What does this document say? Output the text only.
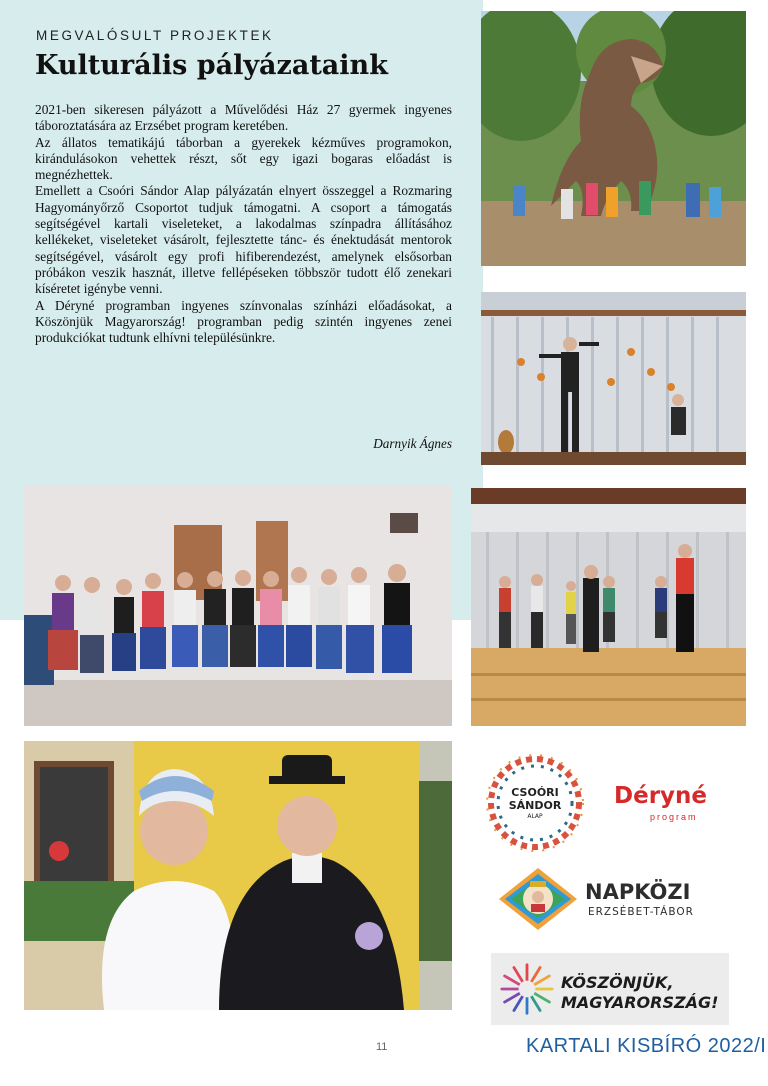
MEGVALÓSULT PROJEKTEK
Kulturális pályázataink

2021-ben sikeresen pályázott a Művelődési Ház 27 gyermek ingyenes táboroztatására az Erzsébet program keretében.

Az állatos tematikájú táborban a gyerekek kézműves programokon, kirándulásokon vehettek részt, sőt egy igazi bogaras előadást is megnézhettek.

Emellett a Csoóri Sándor Alap pályázatán elnyert összeggel a Rozmaring Hagyományőrző Csoportot tudjuk támogatni. A csoport a támogatás segítségével kartali viseleteket, a lakodalmas színpadra állításához kellékeket, viseleteket vásárolt, fejlesztette tánc- és énektudását mentorok segítségével, vásárolt egy profi hifiberendezést, amelynek elsősorban próbákon veszik hasznát, illetve fellépéseken többször tudott élő zenekari kíséretet igénybe venni.

A Déryné programban ingyenes színvonalas színházi előadásokat, a Köszönjük Magyarország! programban pedig szintén ingyenes zenei produkciókat tudtunk elhívni településünkre.

Darnyik Ágnes
CSOÓRI
SÁNDOR
ALAP
Déryné
program
NAPKÖZI
ERZSÉBET-TÁBOR
KÖSZÖNJÜK,
MAGYARORSZÁG!
11	KARTALI KISBÍRÓ 2022/I
